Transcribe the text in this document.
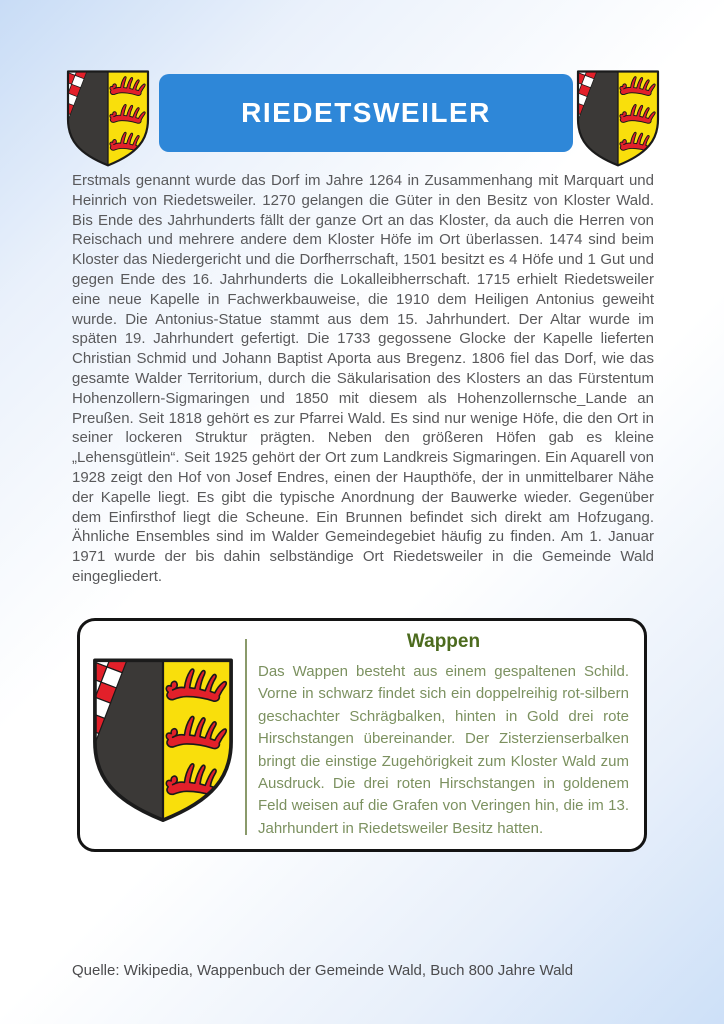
RIEDETSWEILER

Erstmals genannt wurde das Dorf im Jahre 1264 in Zusammenhang mit Marquart und Heinrich von Riedetsweiler. 1270 gelangen die Güter in den Besitz von Kloster Wald. Bis Ende des Jahrhunderts fällt der ganze Ort an das Kloster, da auch die Herren von Reischach und mehrere andere dem Kloster Höfe im Ort überlassen. 1474 sind beim Kloster das Niedergericht und die Dorfherrschaft, 1501 besitzt es 4 Höfe und 1 Gut und gegen Ende des 16. Jahrhunderts die Lokalleibherrschaft. 1715 erhielt Riedetsweiler eine neue Kapelle in Fachwerkbauweise, die 1910 dem Heiligen Antonius geweiht wurde. Die Antonius-Statue stammt aus dem 15. Jahrhundert. Der Altar wurde im späten 19. Jahrhundert gefertigt. Die 1733 gegossene Glocke der Kapelle lieferten Christian Schmid und Johann Baptist Aporta aus Bregenz. 1806 fiel das Dorf, wie das gesamte Walder Territorium, durch die Säkularisation des Klosters an das Fürstentum Hohenzollern-Sigmaringen und 1850 mit diesem als Hohenzollernsche_Lande an Preußen. Seit 1818 gehört es zur Pfarrei Wald. Es sind nur wenige Höfe, die den Ort in seiner lockeren Struktur prägten. Neben den größeren Höfen gab es kleine „Lehensgütlein“. Seit 1925 gehört der Ort zum Landkreis Sigmaringen. Ein Aquarell von 1928 zeigt den Hof von Josef Endres, einen der Haupthöfe, der in unmittelbarer Nähe der Kapelle liegt. Es gibt die typische Anordnung der Bauwerke wieder. Gegenüber dem Einfirsthof liegt die Scheune. Ein Brunnen befindet sich direkt am Hofzugang. Ähnliche Ensembles sind im Walder Gemeindegebiet häufig zu finden. Am 1. Januar 1971 wurde der bis dahin selbständige Ort Riedetsweiler in die Gemeinde Wald eingegliedert.

Wappen

Das Wappen besteht aus einem gespaltenen Schild. Vorne in schwarz findet sich ein doppelreihig rot-silbern geschachter Schrägbalken, hinten in Gold drei rote Hirschstangen übereinander. Der Zisterzienserbalken bringt die einstige Zugehörigkeit zum Kloster Wald zum Ausdruck. Die drei roten Hirschstangen in goldenem Feld weisen auf die Grafen von Veringen hin, die im 13. Jahrhundert in Riedetsweiler Besitz hatten.

Quelle: Wikipedia, Wappenbuch der Gemeinde Wald, Buch 800 Jahre Wald
